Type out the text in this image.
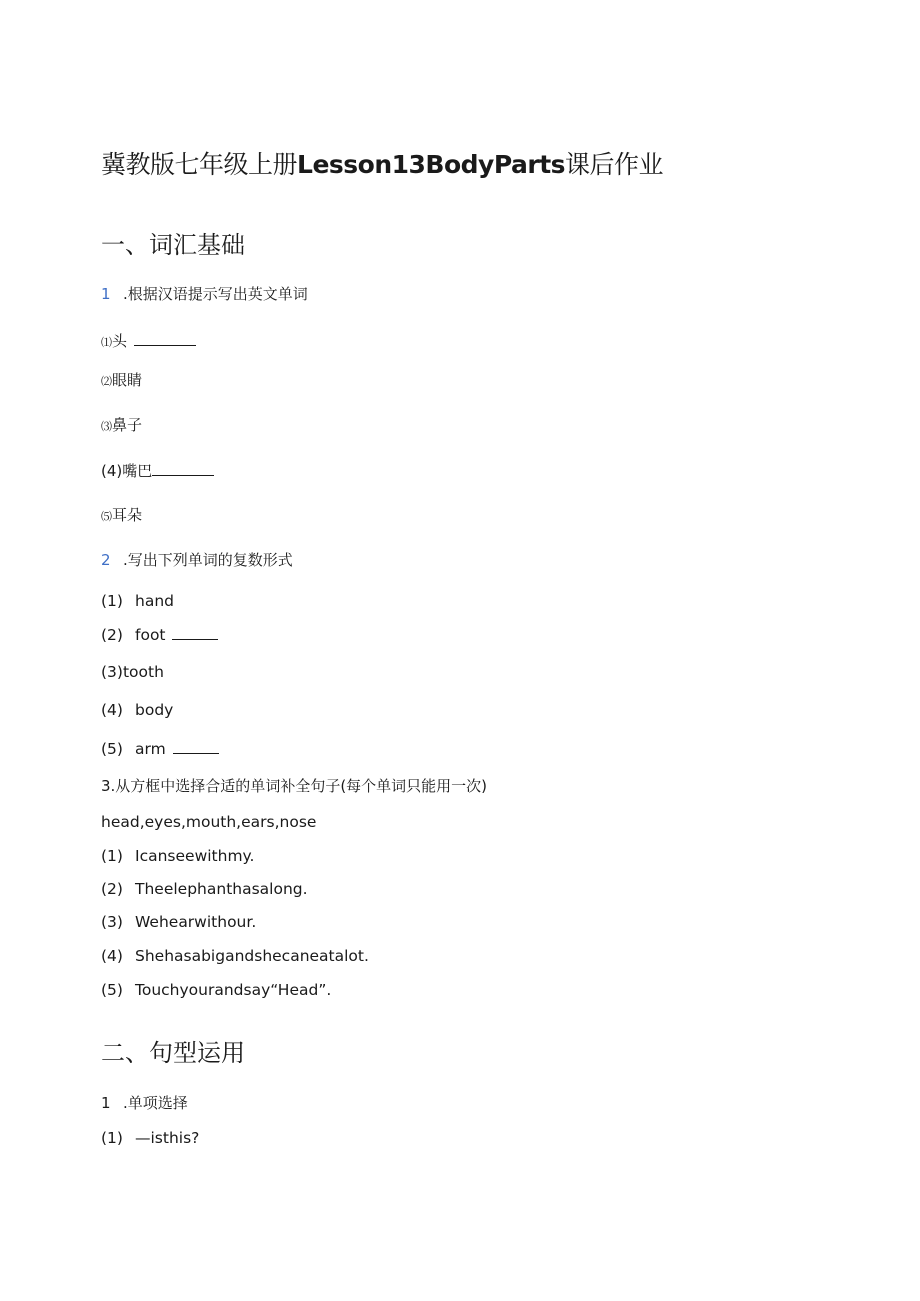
冀教版七年级上册Lesson13BodyParts课后作业
一、词汇基础
1 .根据汉语提示写出英文单词
⑴头
⑵眼睛
⑶鼻子
(4)嘴巴
⑸耳朵
2 .写出下列单词的复数形式
(1) hand
(2) foot
(3)tooth
(4) body
(5) arm
3.从方框中选择合适的单词补全句子(每个单词只能用一次)
head,eyes,mouth,ears,nose
(1) Icanseewithmy.
(2) Theelephanthasalong.
(3) Wehearwithour.
(4) Shehasabigandshecaneatalot.
(5) Touchyourandsay“Head”.
二、句型运用
1 .单项选择
(1) —isthis?
